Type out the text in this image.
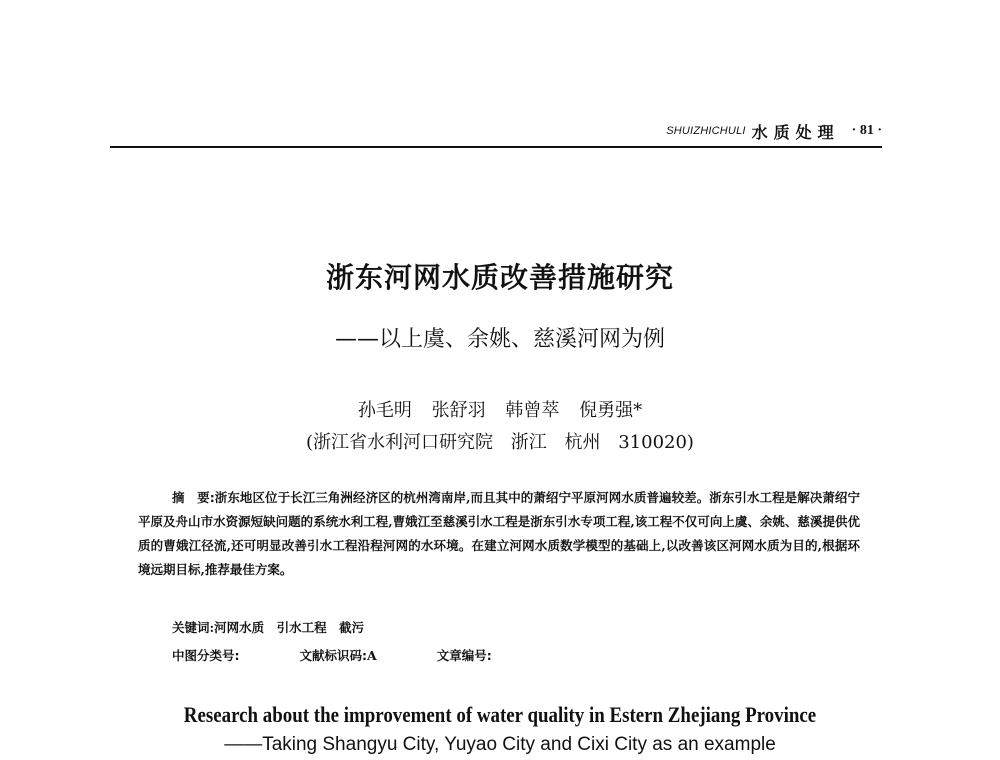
SHUIZHICHULI 水质处理 · 81 ·
浙东河网水质改善措施研究
——以上虞、余姚、慈溪河网为例
孙毛明 张舒羽 韩曾萃 倪勇强*
(浙江省水利河口研究院 浙江 杭州 310020)
摘　要:浙东地区位于长江三角洲经济区的杭州湾南岸,而且其中的萧绍宁平原河网水质普遍较差。浙东引水工程是解决萧绍宁平原及舟山市水资源短缺问题的系统水利工程,曹娥江至慈溪引水工程是浙东引水专项工程,该工程不仅可向上虞、余姚、慈溪提供优质的曹娥江径流,还可明显改善引水工程沿程河网的水环境。在建立河网水质数学模型的基础上,以改善该区河网水质为目的,根据环境远期目标,推荐最佳方案。
关键词:河网水质　引水工程　截污
中图分类号:	文献标识码:A	文章编号:
Research about the improvement of water quality in Estern Zhejiang Province
——Taking Shangyu City, Yuyao City and Cixi City as an example
